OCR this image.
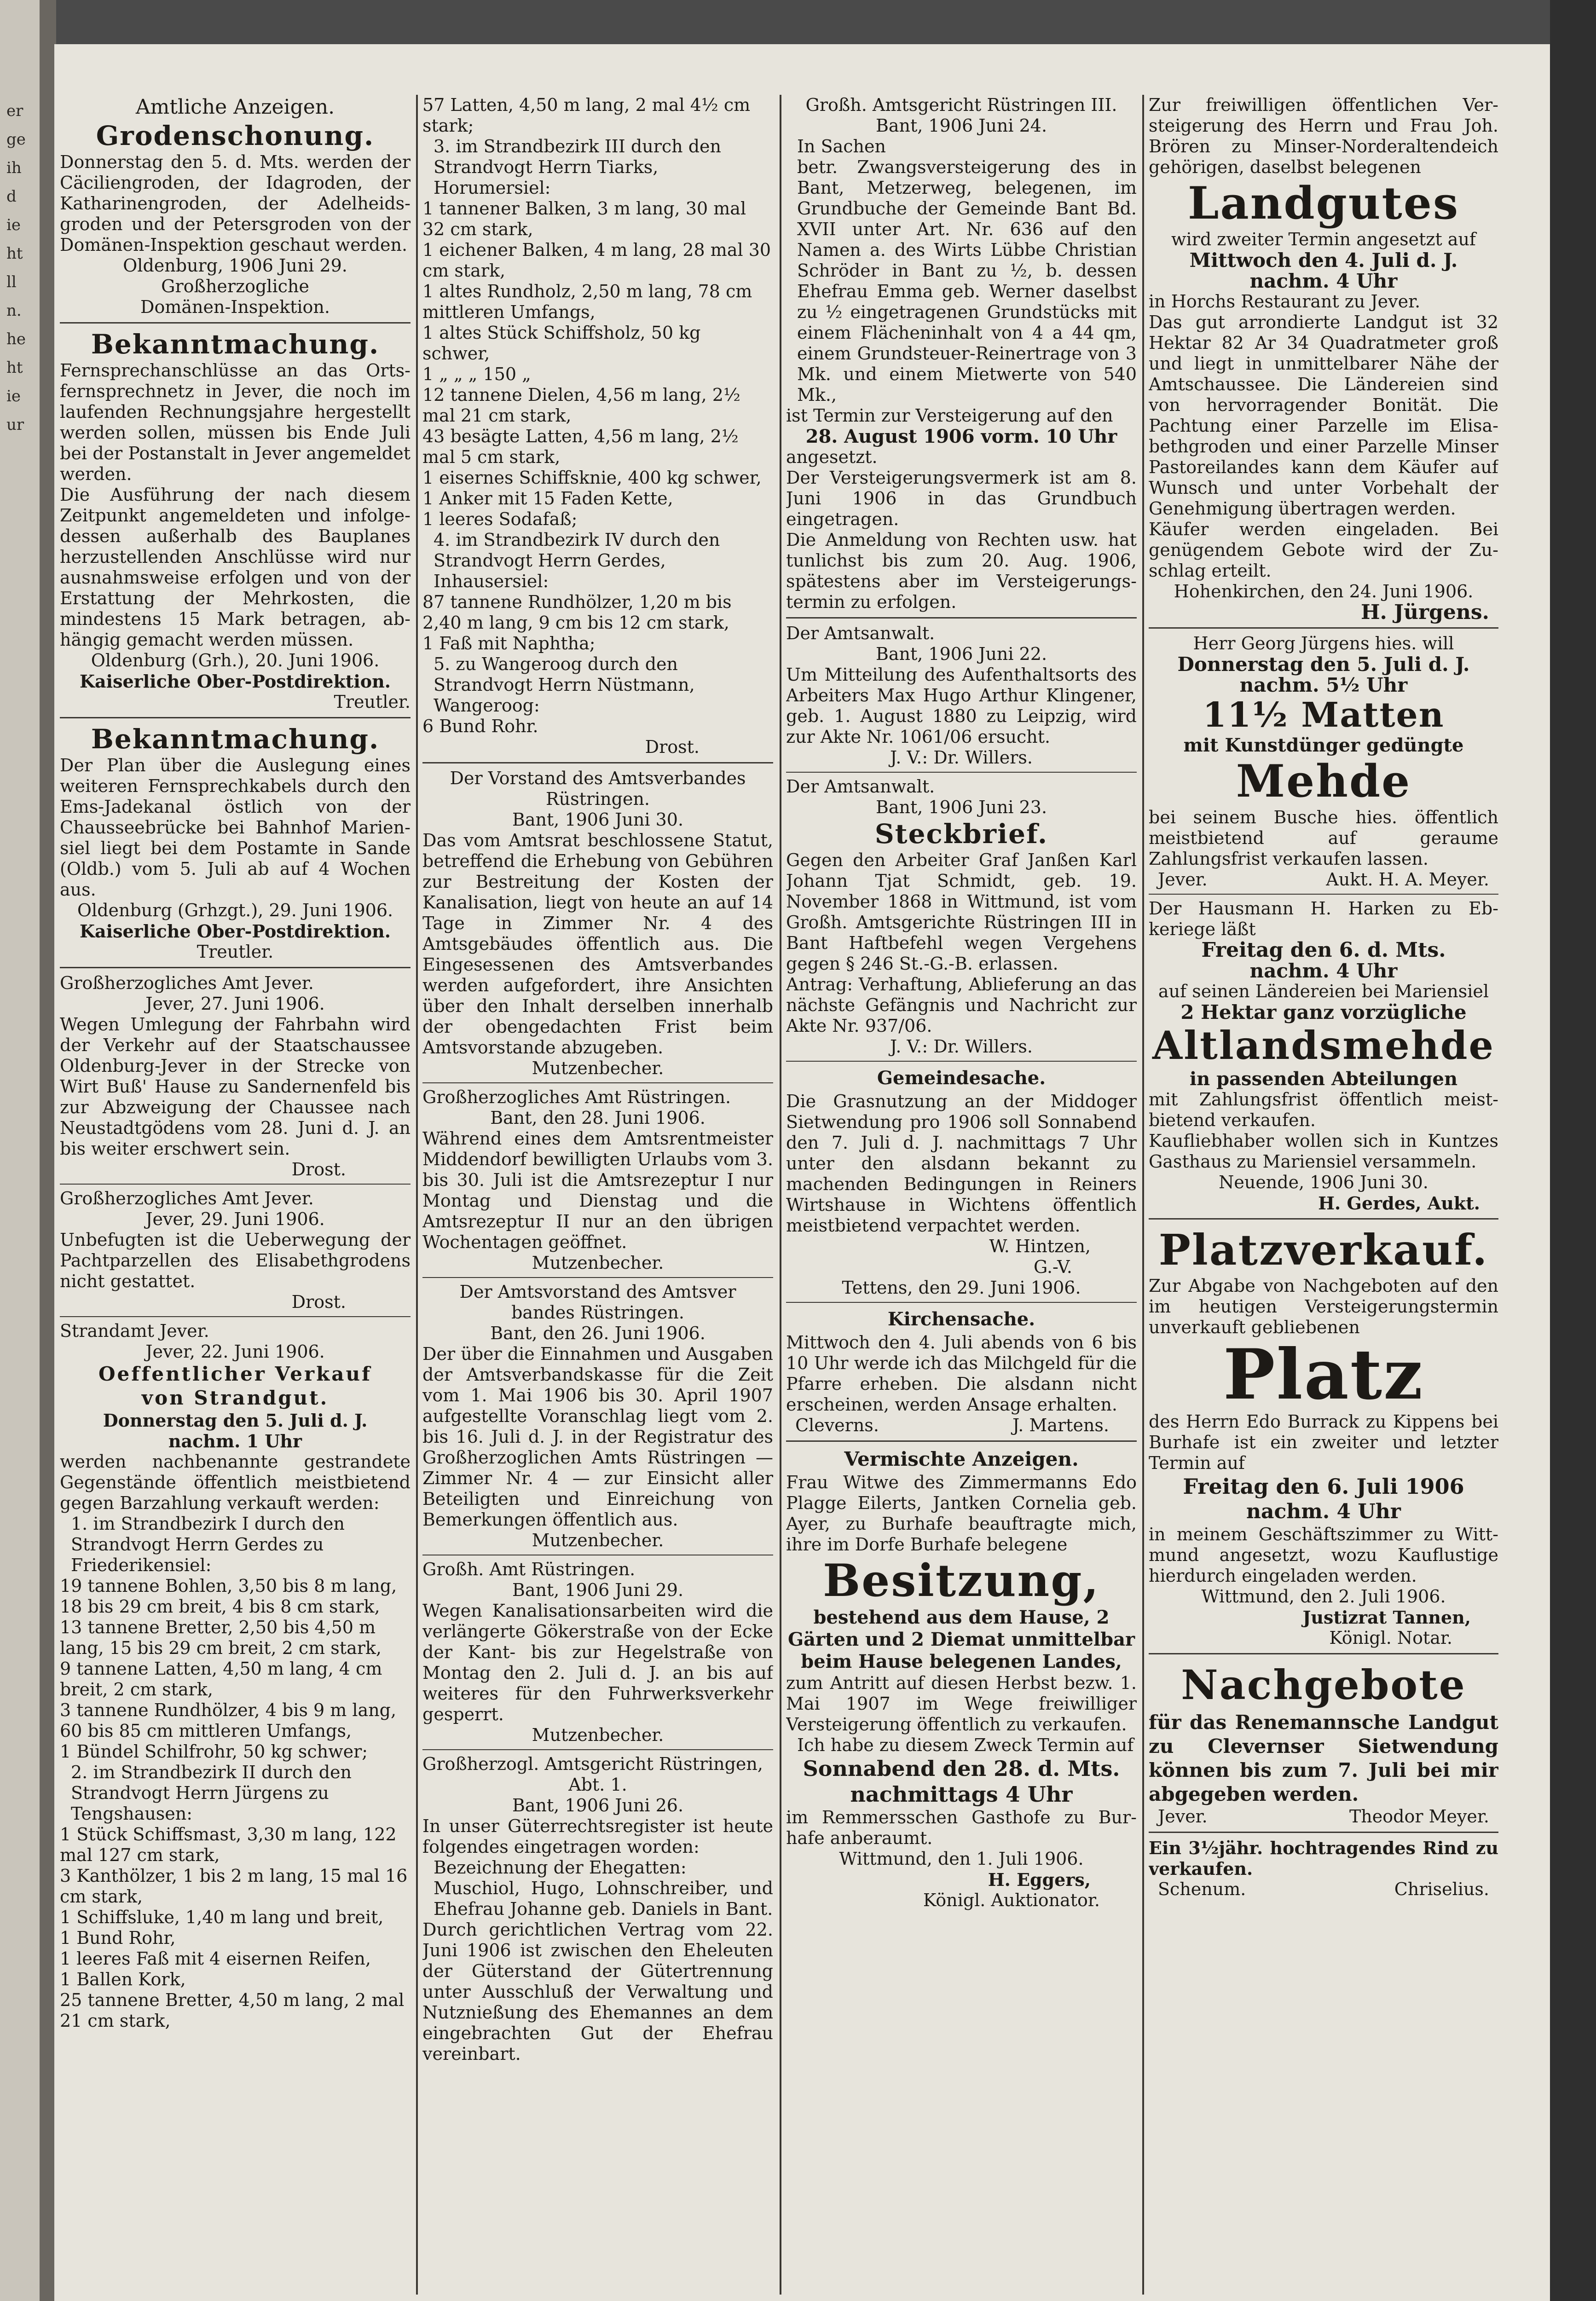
er
ge
ih
d
ie
ht
ll
n.
he
ht
ie
ur
Amtliche Anzeigen.
Grodenschonung.
Donnerstag den 5. d. Mts. werden der Cäciliengroden, der Idagroden, der Katharinengroden, der Adelheidsgroden und der Petersgroden von der Domänen-Inspektion geschaut werden.
Oldenburg, 1906 Juni 29.
Großherzogliche
Domänen-Inspektion.
Bekanntmachung.
Fernsprechanschlüsse an das Ortsfernsprechnetz in Jever, die noch im laufenden Rechnungsjahre hergestellt werden sollen, müssen bis Ende Juli bei der Postanstalt in Jever angemeldet werden.
Die Ausführung der nach diesem Zeitpunkt angemeldeten und infolgedessen außerhalb des Bauplanes herzustellenden Anschlüsse wird nur ausnahmsweise erfolgen und von der Erstattung der Mehrkosten, die mindestens 15 Mark betragen, abhängig gemacht werden müssen.
Oldenburg (Grh.), 20. Juni 1906.
Kaiserliche Ober-Postdirektion.
Treutler.
Bekanntmachung.
Der Plan über die Auslegung eines weiteren Fernsprechkabels durch den Ems-Jadekanal östlich von der Chausseebrücke bei Bahnhof Mariensiel liegt bei dem Postamte in Sande (Oldb.) vom 5. Juli ab auf 4 Wochen aus.
Oldenburg (Grhzgt.), 29. Juni 1906.
Kaiserliche Ober-Postdirektion.
Treutler.
Großherzogliches Amt Jever.
Jever, 27. Juni 1906.
Wegen Umlegung der Fahrbahn wird der Verkehr auf der Staatschaussee Oldenburg-Jever in der Strecke von Wirt Buß' Hause zu Sandernenfeld bis zur Abzweigung der Chaussee nach Neustadtgödens vom 28. Juni d. J. an bis weiter erschwert sein.
Drost.
Großherzogliches Amt Jever.
Jever, 29. Juni 1906.
Unbefugten ist die Ueberwegung der Pachtparzellen des Elisabethgrodens nicht gestattet.
Drost.
Strandamt Jever.
Jever, 22. Juni 1906.
Oeffentlicher Verkauf
von Strandgut.
Donnerstag den 5. Juli d. J.
nachm. 1 Uhr
werden nachbenannte gestrandete Gegenstände öffentlich meistbietend gegen Barzahlung verkauft werden:
1. im Strandbezirk I durch den Strandvogt Herrn Gerdes zu Friederikensiel:
19 tannene Bohlen, 3,50 bis 8 m lang, 18 bis 29 cm breit, 4 bis 8 cm stark,
13 tannene Bretter, 2,50 bis 4,50 m lang, 15 bis 29 cm breit, 2 cm stark,
9 tannene Latten, 4,50 m lang, 4 cm breit, 2 cm stark,
3 tannene Rundhölzer, 4 bis 9 m lang, 60 bis 85 cm mittleren Umfangs,
1 Bündel Schilfrohr, 50 kg schwer;
2. im Strandbezirk II durch den Strandvogt Herrn Jürgens zu Tengshausen:
1 Stück Schiffsmast, 3,30 m lang, 122 mal 127 cm stark,
3 Kanthölzer, 1 bis 2 m lang, 15 mal 16 cm stark,
1 Schiffsluke, 1,40 m lang und breit,
1 Bund Rohr,
1 leeres Faß mit 4 eisernen Reifen,
1 Ballen Kork,
25 tannene Bretter, 4,50 m lang, 2 mal 21 cm stark,
57 Latten, 4,50 m lang, 2 mal 4½ cm stark;
3. im Strandbezirk III durch den Strandvogt Herrn Tiarks, Horumersiel:
1 tannener Balken, 3 m lang, 30 mal 32 cm stark,
1 eichener Balken, 4 m lang, 28 mal 30 cm stark,
1 altes Rundholz, 2,50 m lang, 78 cm mittleren Umfangs,
1 altes Stück Schiffsholz, 50 kg schwer,
1 „ „ „ 150 „
12 tannene Dielen, 4,56 m lang, 2½ mal 21 cm stark,
43 besägte Latten, 4,56 m lang, 2½ mal 5 cm stark,
1 eisernes Schiffsknie, 400 kg schwer,
1 Anker mit 15 Faden Kette,
1 leeres Sodafaß;
4. im Strandbezirk IV durch den Strandvogt Herrn Gerdes, Inhausersiel:
87 tannene Rundhölzer, 1,20 m bis 2,40 m lang, 9 cm bis 12 cm stark,
1 Faß mit Naphtha;
5. zu Wangeroog durch den Strandvogt Herrn Nüstmann, Wangeroog:
6 Bund Rohr.
Drost.
Der Vorstand des Amtsverbandes
Rüstringen.
Bant, 1906 Juni 30.
Das vom Amtsrat beschlossene Statut, betreffend die Erhebung von Gebühren zur Bestreitung der Kosten der Kanalisation, liegt von heute an auf 14 Tage in Zimmer Nr. 4 des Amtsgebäudes öffentlich aus. Die Eingesessenen des Amtsverbandes werden aufgefordert, ihre Ansichten über den Inhalt derselben innerhalb der obengedachten Frist beim Amtsvorstande abzugeben.
Mutzenbecher.
Großherzogliches Amt Rüstringen.
Bant, den 28. Juni 1906.
Während eines dem Amtsrentmeister Middendorf bewilligten Urlaubs vom 3. bis 30. Juli ist die Amtsrezeptur I nur Montag und Dienstag und die Amtsrezeptur II nur an den übrigen Wochentagen geöffnet.
Mutzenbecher.
Der Amtsvorstand des Amtsver
bandes Rüstringen.
Bant, den 26. Juni 1906.
Der über die Einnahmen und Ausgaben der Amtsverbandskasse für die Zeit vom 1. Mai 1906 bis 30. April 1907 aufgestellte Voranschlag liegt vom 2. bis 16. Juli d. J. in der Registratur des Großherzoglichen Amts Rüstringen — Zimmer Nr. 4 — zur Einsicht aller Beteiligten und Einreichung von Bemerkungen öffentlich aus.
Mutzenbecher.
Großh. Amt Rüstringen.
Bant, 1906 Juni 29.
Wegen Kanalisationsarbeiten wird die verlängerte Gökerstraße von der Ecke der Kant- bis zur Hegelstraße von Montag den 2. Juli d. J. an bis auf weiteres für den Fuhrwerksverkehr gesperrt.
Mutzenbecher.
Großherzogl. Amtsgericht Rüstringen,
Abt. 1.
Bant, 1906 Juni 26.
In unser Güterrechtsregister ist heute folgendes eingetragen worden:
Bezeichnung der Ehegatten:
Muschiol, Hugo, Lohnschreiber, und Ehefrau Johanne geb. Daniels in Bant.
Durch gerichtlichen Vertrag vom 22. Juni 1906 ist zwischen den Eheleuten der Güterstand der Gütertrennung unter Ausschluß der Verwaltung und Nutznießung des Ehemannes an dem eingebrachten Gut der Ehefrau vereinbart.
Großh. Amtsgericht Rüstringen III.
Bant, 1906 Juni 24.
In Sachen
betr. Zwangsversteigerung des in Bant, Metzerweg, belegenen, im Grundbuche der Gemeinde Bant Bd. XVII unter Art. Nr. 636 auf den Namen a. des Wirts Lübbe Christian Schröder in Bant zu ½, b. dessen Ehefrau Emma geb. Werner daselbst zu ½ eingetragenen Grundstücks mit einem Flächeninhalt von 4 a 44 qm, einem Grundsteuer-Reinertrage von 3 Mk. und einem Mietwerte von 540 Mk.,
ist Termin zur Versteigerung auf den
28. August 1906 vorm. 10 Uhr
angesetzt.
Der Versteigerungsvermerk ist am 8. Juni 1906 in das Grundbuch eingetragen.
Die Anmeldung von Rechten usw. hat tunlichst bis zum 20. Aug. 1906, spätestens aber im Versteigerungstermin zu erfolgen.
Der Amtsanwalt.
Bant, 1906 Juni 22.
Um Mitteilung des Aufenthaltsorts des Arbeiters Max Hugo Arthur Klingener, geb. 1. August 1880 zu Leipzig, wird zur Akte Nr. 1061/06 ersucht.
J. V.: Dr. Willers.
Der Amtsanwalt.
Bant, 1906 Juni 23.
Steckbrief.
Gegen den Arbeiter Graf Janßen Karl Johann Tjat Schmidt, geb. 19. November 1868 in Wittmund, ist vom Großh. Amtsgerichte Rüstringen III in Bant Haftbefehl wegen Vergehens gegen § 246 St.-G.-B. erlassen.
Antrag: Verhaftung, Ablieferung an das nächste Gefängnis und Nachricht zur Akte Nr. 937/06.
J. V.: Dr. Willers.
Gemeindesache.
Die Grasnutzung an der Middoger Sietwendung pro 1906 soll Sonnabend den 7. Juli d. J. nachmittags 7 Uhr unter den alsdann bekannt zu machenden Bedingungen in Reiners Wirtshause in Wichtens öffentlich meistbietend verpachtet werden.
W. Hintzen,
G.-V.
Tettens, den 29. Juni 1906.
Kirchensache.
Mittwoch den 4. Juli abends von 6 bis 10 Uhr werde ich das Milchgeld für die Pfarre erheben. Die alsdann nicht erscheinen, werden Ansage erhalten.
Cleverns.	J. Martens.
Vermischte Anzeigen.
Frau Witwe des Zimmermanns Edo Plagge Eilerts, Jantken Cornelia geb. Ayer, zu Burhafe beauftragte mich, ihre im Dorfe Burhafe belegene
Besitzung,
bestehend aus dem Hause, 2 Gärten und 2 Diemat unmittelbar beim Hause belegenen Landes,
zum Antritt auf diesen Herbst bezw. 1. Mai 1907 im Wege freiwilliger Versteigerung öffentlich zu verkaufen.
Ich habe zu diesem Zweck Termin auf
Sonnabend den 28. d. Mts.
nachmittags 4 Uhr
im Remmersschen Gasthofe zu Burhafe anberaumt.
Wittmund, den 1. Juli 1906.
H. Eggers,
Königl. Auktionator.
Zur freiwilligen öffentlichen Versteigerung des Herrn und Frau Joh. Brören zu Minser-Norderaltendeich gehörigen, daselbst belegenen
Landgutes
wird zweiter Termin angesetzt auf
Mittwoch den 4. Juli d. J.
nachm. 4 Uhr
in Horchs Restaurant zu Jever.
Das gut arrondierte Landgut ist 32 Hektar 82 Ar 34 Quadratmeter groß und liegt in unmittelbarer Nähe der Amtschaussee. Die Ländereien sind von hervorragender Bonität. Die Pachtung einer Parzelle im Elisabethgroden und einer Parzelle Minser Pastoreilandes kann dem Käufer auf Wunsch und unter Vorbehalt der Genehmigung übertragen werden.
Käufer werden eingeladen. Bei genügendem Gebote wird der Zuschlag erteilt.
Hohenkirchen, den 24. Juni 1906.
H. Jürgens.
Herr Georg Jürgens hies. will
Donnerstag den 5. Juli d. J.
nachm. 5½ Uhr
11½ Matten
mit Kunstdünger gedüngte
Mehde
bei seinem Busche hies. öffentlich meistbietend auf geraume Zahlungsfrist verkaufen lassen.
Jever.	Aukt. H. A. Meyer.
Der Hausmann H. Harken zu Ebkeriege läßt
Freitag den 6. d. Mts.
nachm. 4 Uhr
auf seinen Ländereien bei Mariensiel
2 Hektar ganz vorzügliche
Altlandsmehde
in passenden Abteilungen
mit Zahlungsfrist öffentlich meistbietend verkaufen.
Kaufliebhaber wollen sich in Kuntzes Gasthaus zu Mariensiel versammeln.
Neuende, 1906 Juni 30.
H. Gerdes, Aukt.
Platzverkauf.
Zur Abgabe von Nachgeboten auf den im heutigen Versteigerungstermin unverkauft gebliebenen
Platz
des Herrn Edo Burrack zu Kippens bei Burhafe ist ein zweiter und letzter Termin auf
Freitag den 6. Juli 1906
nachm. 4 Uhr
in meinem Geschäftszimmer zu Wittmund angesetzt, wozu Kauflustige hierdurch eingeladen werden.
Wittmund, den 2. Juli 1906.
Justizrat Tannen,
Königl. Notar.
Nachgebote
für das Renemannsche Landgut zu Clevernser Sietwendung können bis zum 7. Juli bei mir abgegeben werden.
Jever.	Theodor Meyer.
Ein 3½jähr. hochtragendes Rind zu verkaufen.
Schenum.	Chriselius.
